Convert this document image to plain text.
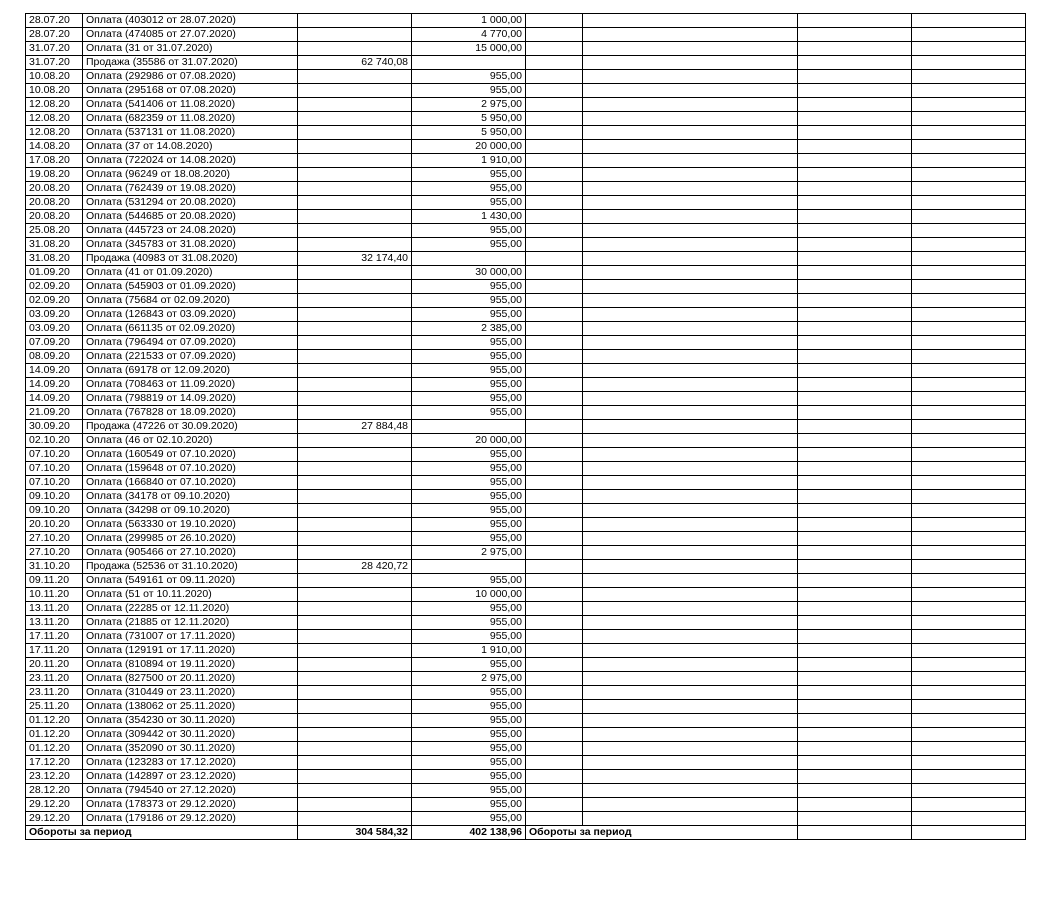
28.07.20	Оплата (403012 от 28.07.2020)		1 000,00				
28.07.20	Оплата (474085 от 27.07.2020)		4 770,00				
31.07.20	Оплата (31 от 31.07.2020)		15 000,00				
31.07.20	Продажа (35586 от 31.07.2020)	62 740,08					
10.08.20	Оплата (292986 от 07.08.2020)		955,00				
10.08.20	Оплата (295168 от 07.08.2020)		955,00				
12.08.20	Оплата (541406 от 11.08.2020)		2 975,00				
12.08.20	Оплата (682359 от 11.08.2020)		5 950,00				
12.08.20	Оплата (537131 от 11.08.2020)		5 950,00				
14.08.20	Оплата (37 от 14.08.2020)		20 000,00				
17.08.20	Оплата (722024 от 14.08.2020)		1 910,00				
19.08.20	Оплата (96249 от 18.08.2020)		955,00				
20.08.20	Оплата (762439 от 19.08.2020)		955,00				
20.08.20	Оплата (531294 от 20.08.2020)		955,00				
20.08.20	Оплата (544685 от 20.08.2020)		1 430,00				
25.08.20	Оплата (445723 от 24.08.2020)		955,00				
31.08.20	Оплата (345783 от 31.08.2020)		955,00				
31.08.20	Продажа (40983 от 31.08.2020)	32 174,40					
01.09.20	Оплата (41 от 01.09.2020)		30 000,00				
02.09.20	Оплата (545903 от 01.09.2020)		955,00				
02.09.20	Оплата (75684 от 02.09.2020)		955,00				
03.09.20	Оплата (126843 от 03.09.2020)		955,00				
03.09.20	Оплата (661135 от 02.09.2020)		2 385,00				
07.09.20	Оплата (796494 от 07.09.2020)		955,00				
08.09.20	Оплата (221533 от 07.09.2020)		955,00				
14.09.20	Оплата (69178 от 12.09.2020)		955,00				
14.09.20	Оплата (708463 от 11.09.2020)		955,00				
14.09.20	Оплата (798819 от 14.09.2020)		955,00				
21.09.20	Оплата (767828 от 18.09.2020)		955,00				
30.09.20	Продажа (47226 от 30.09.2020)	27 884,48					
02.10.20	Оплата (46 от 02.10.2020)		20 000,00				
07.10.20	Оплата (160549 от 07.10.2020)		955,00				
07.10.20	Оплата (159648 от 07.10.2020)		955,00				
07.10.20	Оплата (166840 от 07.10.2020)		955,00				
09.10.20	Оплата (34178 от 09.10.2020)		955,00				
09.10.20	Оплата (34298 от 09.10.2020)		955,00				
20.10.20	Оплата (563330 от 19.10.2020)		955,00				
27.10.20	Оплата (299985 от 26.10.2020)		955,00				
27.10.20	Оплата (905466 от 27.10.2020)		2 975,00				
31.10.20	Продажа (52536 от 31.10.2020)	28 420,72					
09.11.20	Оплата (549161 от 09.11.2020)		955,00				
10.11.20	Оплата (51 от 10.11.2020)		10 000,00				
13.11.20	Оплата (22285 от 12.11.2020)		955,00				
13.11.20	Оплата (21885 от 12.11.2020)		955,00				
17.11.20	Оплата (731007 от 17.11.2020)		955,00				
17.11.20	Оплата (129191 от 17.11.2020)		1 910,00				
20.11.20	Оплата (810894 от 19.11.2020)		955,00				
23.11.20	Оплата (827500 от 20.11.2020)		2 975,00				
23.11.20	Оплата (310449 от 23.11.2020)		955,00				
25.11.20	Оплата (138062 от 25.11.2020)		955,00				
01.12.20	Оплата (354230 от 30.11.2020)		955,00				
01.12.20	Оплата (309442 от 30.11.2020)		955,00				
01.12.20	Оплата (352090 от 30.11.2020)		955,00				
17.12.20	Оплата (123283 от 17.12.2020)		955,00				
23.12.20	Оплата (142897 от 23.12.2020)		955,00				
28.12.20	Оплата (794540 от 27.12.2020)		955,00				
29.12.20	Оплата (178373 от 29.12.2020)		955,00				
29.12.20	Оплата (179186 от 29.12.2020)		955,00				
Обороты за период		304 584,32	402 138,96	Обороты за период			
